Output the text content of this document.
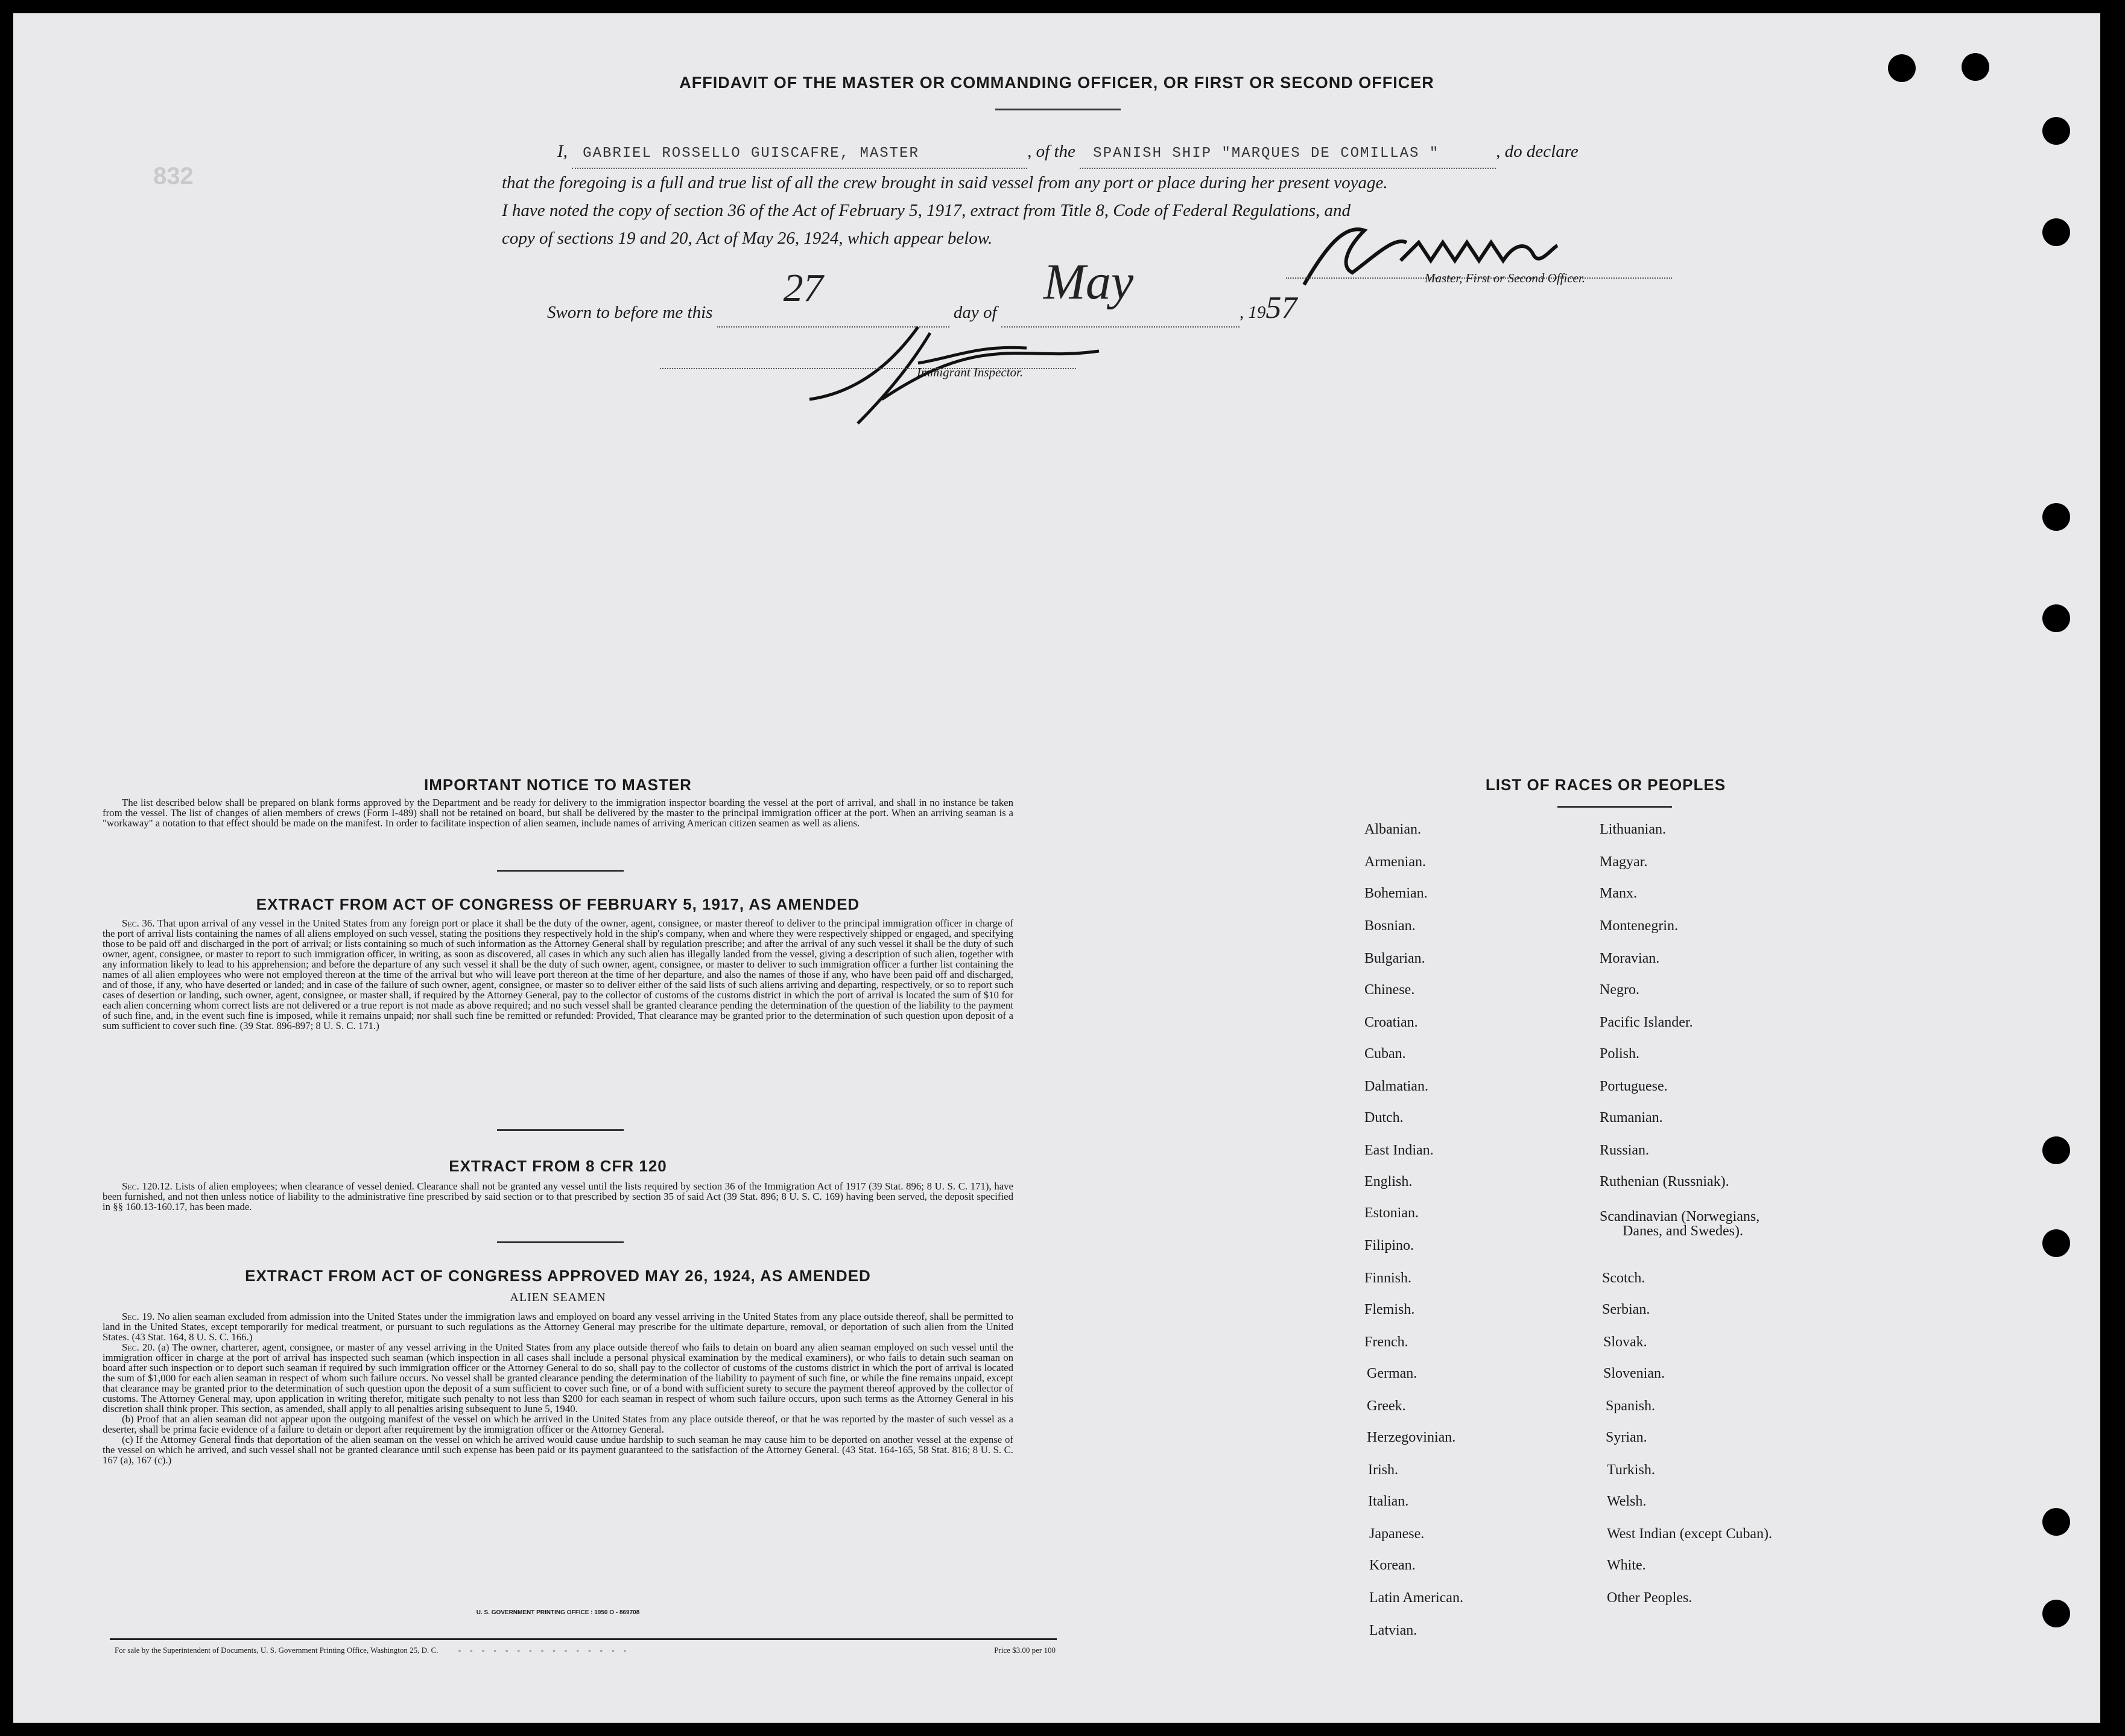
832
AFFIDAVIT OF THE MASTER OR COMMANDING OFFICER, OR FIRST OR SECOND OFFICER
I, GABRIEL ROSSELLO GUISCAFRE, MASTER	, of the SPANISH SHIP "MARQUES DE COMILLAS "	, do declare
that the foregoing is a full and true list of all the crew brought in said vessel from any port or place during her present voyage.
I have noted the copy of section 36 of the Act of February 5, 1917, extract from Title 8, Code of Federal Regulations, and
copy of sections 19 and 20, Act of May 26, 1924, which appear below.
Master, First or Second Officer.
Sworn to before me this
27
day of
May
, 1957
Immigrant Inspector.
IMPORTANT NOTICE TO MASTER

The list described below shall be prepared on blank forms approved by the Department and be ready for delivery to the immigration inspector boarding the vessel at the port of arrival, and shall in no instance be taken from the vessel. The list of changes of alien members of crews (Form I-489) shall not be retained on board, but shall be delivered by the master to the principal immigration officer at the port. When an arriving seaman is a "workaway" a notation to that effect should be made on the manifest. In order to facilitate inspection of alien seamen, include names of arriving American citizen seamen as well as aliens.

EXTRACT FROM ACT OF CONGRESS OF FEBRUARY 5, 1917, AS AMENDED

Sec. 36. That upon arrival of any vessel in the United States from any foreign port or place it shall be the duty of the owner, agent, consignee, or master thereof to deliver to the principal immigration officer in charge of the port of arrival lists containing the names of all aliens employed on such vessel, stating the positions they respectively hold in the ship's company, when and where they were respectively shipped or engaged, and specifying those to be paid off and discharged in the port of arrival; or lists containing so much of such information as the Attorney General shall by regulation prescribe; and after the arrival of any such vessel it shall be the duty of such owner, agent, consignee, or master to report to such immigration officer, in writing, as soon as discovered, all cases in which any such alien has illegally landed from the vessel, giving a description of such alien, together with any information likely to lead to his apprehension; and before the departure of any such vessel it shall be the duty of such owner, agent, consignee, or master to deliver to such immigration officer a further list containing the names of all alien employees who were not employed thereon at the time of the arrival but who will leave port thereon at the time of her departure, and also the names of those if any, who have been paid off and discharged, and of those, if any, who have deserted or landed; and in case of the failure of such owner, agent, consignee, or master so to deliver either of the said lists of such aliens arriving and departing, respectively, or so to report such cases of desertion or landing, such owner, agent, consignee, or master shall, if required by the Attorney General, pay to the collector of customs of the customs district in which the port of arrival is located the sum of $10 for each alien concerning whom correct lists are not delivered or a true report is not made as above required; and no such vessel shall be granted clearance pending the determination of the question of the liability to the payment of such fine, and, in the event such fine is imposed, while it remains unpaid; nor shall such fine be remitted or refunded: Provided, That clearance may be granted prior to the determination of such question upon deposit of a sum sufficient to cover such fine. (39 Stat. 896-897; 8 U. S. C. 171.)

EXTRACT FROM 8 CFR 120

Sec. 120.12. Lists of alien employees; when clearance of vessel denied. Clearance shall not be granted any vessel until the lists required by section 36 of the Immigration Act of 1917 (39 Stat. 896; 8 U. S. C. 171), have been furnished, and not then unless notice of liability to the administrative fine prescribed by said section or to that prescribed by section 35 of said Act (39 Stat. 896; 8 U. S. C. 169) having been served, the deposit specified in §§ 160.13-160.17, has been made.

EXTRACT FROM ACT OF CONGRESS APPROVED MAY 26, 1924, AS AMENDED
ALIEN SEAMEN

Sec. 19. No alien seaman excluded from admission into the United States under the immigration laws and employed on board any vessel arriving in the United States from any place outside thereof, shall be permitted to land in the United States, except temporarily for medical treatment, or pursuant to such regulations as the Attorney General may prescribe for the ultimate departure, removal, or deportation of such alien from the United States. (43 Stat. 164, 8 U. S. C. 166.)

Sec. 20. (a) The owner, charterer, agent, consignee, or master of any vessel arriving in the United States from any place outside thereof who fails to detain on board any alien seaman employed on such vessel until the immigration officer in charge at the port of arrival has inspected such seaman (which inspection in all cases shall include a personal physical examination by the medical examiners), or who fails to detain such seaman on board after such inspection or to deport such seaman if required by such immigration officer or the Attorney General to do so, shall pay to the collector of customs of the customs district in which the port of arrival is located the sum of $1,000 for each alien seaman in respect of whom such failure occurs. No vessel shall be granted clearance pending the determination of the liability to payment of such fine, or while the fine remains unpaid, except that clearance may be granted prior to the determination of such question upon the deposit of a sum sufficient to cover such fine, or of a bond with sufficient surety to secure the payment thereof approved by the collector of customs. The Attorney General may, upon application in writing therefor, mitigate such penalty to not less than $200 for each seaman in respect of whom such failure occurs, upon such terms as the Attorney General in his discretion shall think proper. This section, as amended, shall apply to all penalties arising subsequent to June 5, 1940.

(b) Proof that an alien seaman did not appear upon the outgoing manifest of the vessel on which he arrived in the United States from any place outside thereof, or that he was reported by the master of such vessel as a deserter, shall be prima facie evidence of a failure to detain or deport after requirement by the immigration officer or the Attorney General.

(c) If the Attorney General finds that deportation of the alien seaman on the vessel on which he arrived would cause undue hardship to such seaman he may cause him to be deported on another vessel at the expense of the vessel on which he arrived, and such vessel shall not be granted clearance until such expense has been paid or its payment guaranteed to the satisfaction of the Attorney General. (43 Stat. 164-165, 58 Stat. 816; 8 U. S. C. 167 (a), 167 (c).)

U. S. GOVERNMENT PRINTING OFFICE : 1950 O - 869708
For sale by the Superintendent of Documents, U. S. Government Printing Office, Washington 25, D. C.	- - - - - - - - - - - - - - -	Price $3.00 per 100
LIST OF RACES OR PEOPLES
Albanian.
Armenian.
Bohemian.
Bosnian.
Bulgarian.
Chinese.
Croatian.
Cuban.
Dalmatian.
Dutch.
East Indian.
English.
Estonian.
Filipino.
Finnish.
Flemish.
French.
German.
Greek.
Herzegovinian.
Irish.
Italian.
Japanese.
Korean.
Latin American.
Latvian.
Lithuanian.
Magyar.
Manx.
Montenegrin.
Moravian.
Negro.
Pacific Islander.
Polish.
Portuguese.
Rumanian.
Russian.
Ruthenian (Russniak).
Scandinavian (Norwegians,
Danes, and Swedes).
Scotch.
Serbian.
Slovak.
Slovenian.
Spanish.
Syrian.
Turkish.
Welsh.
West Indian (except Cuban).
White.
Other Peoples.
